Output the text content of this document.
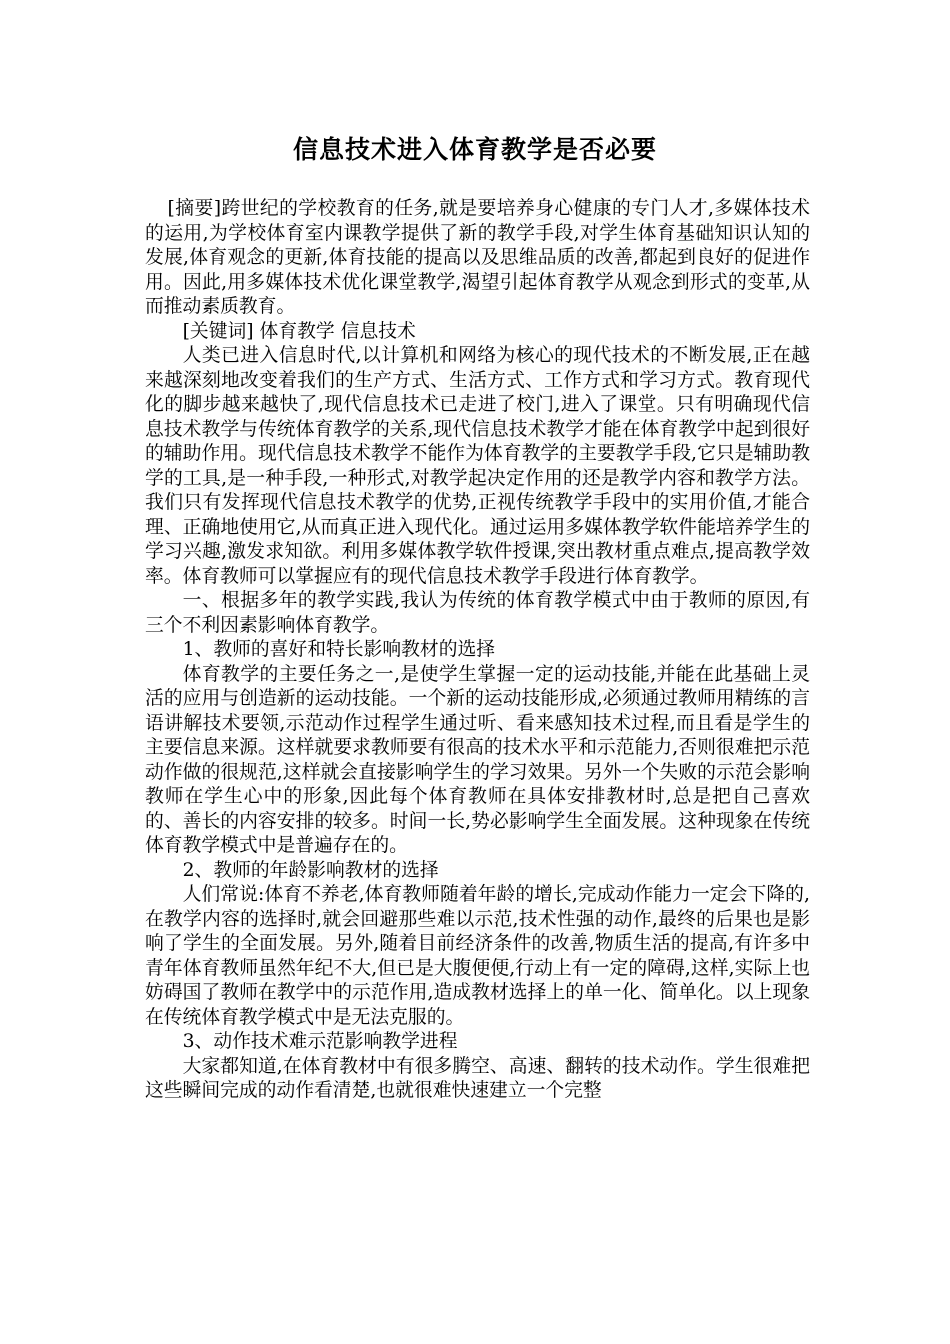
信息技术进入体育教学是否必要

[摘要]跨世纪的学校教育的任务,就是要培养身心健康的专门人才,多媒体技术的运用,为学校体育室内课教学提供了新的教学手段,对学生体育基础知识认知的发展,体育观念的更新,体育技能的提高以及思维品质的改善,都起到良好的促进作用。因此,用多媒体技术优化课堂教学,渴望引起体育教学从观念到形式的变革,从而推动素质教育。

[关键词] 体育教学 信息技术

人类已进入信息时代,以计算机和网络为核心的现代技术的不断发展,正在越来越深刻地改变着我们的生产方式、生活方式、工作方式和学习方式。教育现代化的脚步越来越快了,现代信息技术已走进了校门,进入了课堂。只有明确现代信息技术教学与传统体育教学的关系,现代信息技术教学才能在体育教学中起到很好的辅助作用。现代信息技术教学不能作为体育教学的主要教学手段,它只是辅助教学的工具,是一种手段,一种形式,对教学起决定作用的还是教学内容和教学方法。我们只有发挥现代信息技术教学的优势,正视传统教学手段中的实用价值,才能合理、正确地使用它,从而真正进入现代化。通过运用多媒体教学软件能培养学生的学习兴趣,激发求知欲。利用多媒体教学软件授课,突出教材重点难点,提高教学效率。体育教师可以掌握应有的现代信息技术教学手段进行体育教学。

一、根据多年的教学实践,我认为传统的体育教学模式中由于教师的原因,有三个不利因素影响体育教学。

1、教师的喜好和特长影响教材的选择

体育教学的主要任务之一,是使学生掌握一定的运动技能,并能在此基础上灵活的应用与创造新的运动技能。一个新的运动技能形成,必须通过教师用精练的言语讲解技术要领,示范动作过程学生通过听、看来感知技术过程,而且看是学生的主要信息来源。这样就要求教师要有很高的技术水平和示范能力,否则很难把示范动作做的很规范,这样就会直接影响学生的学习效果。另外一个失败的示范会影响教师在学生心中的形象,因此每个体育教师在具体安排教材时,总是把自己喜欢的、善长的内容安排的较多。时间一长,势必影响学生全面发展。这种现象在传统体育教学模式中是普遍存在的。

2、教师的年龄影响教材的选择

人们常说:体育不养老,体育教师随着年龄的增长,完成动作能力一定会下降的,在教学内容的选择时,就会回避那些难以示范,技术性强的动作,最终的后果也是影响了学生的全面发展。另外,随着目前经济条件的改善,物质生活的提高,有许多中青年体育教师虽然年纪不大,但已是大腹便便,行动上有一定的障碍,这样,实际上也妨碍国了教师在教学中的示范作用,造成教材选择上的单一化、简单化。以上现象在传统体育教学模式中是无法克服的。

3、动作技术难示范影响教学进程

大家都知道,在体育教材中有很多腾空、高速、翻转的技术动作。学生很难把这些瞬间完成的动作看清楚,也就很难快速建立一个完整
